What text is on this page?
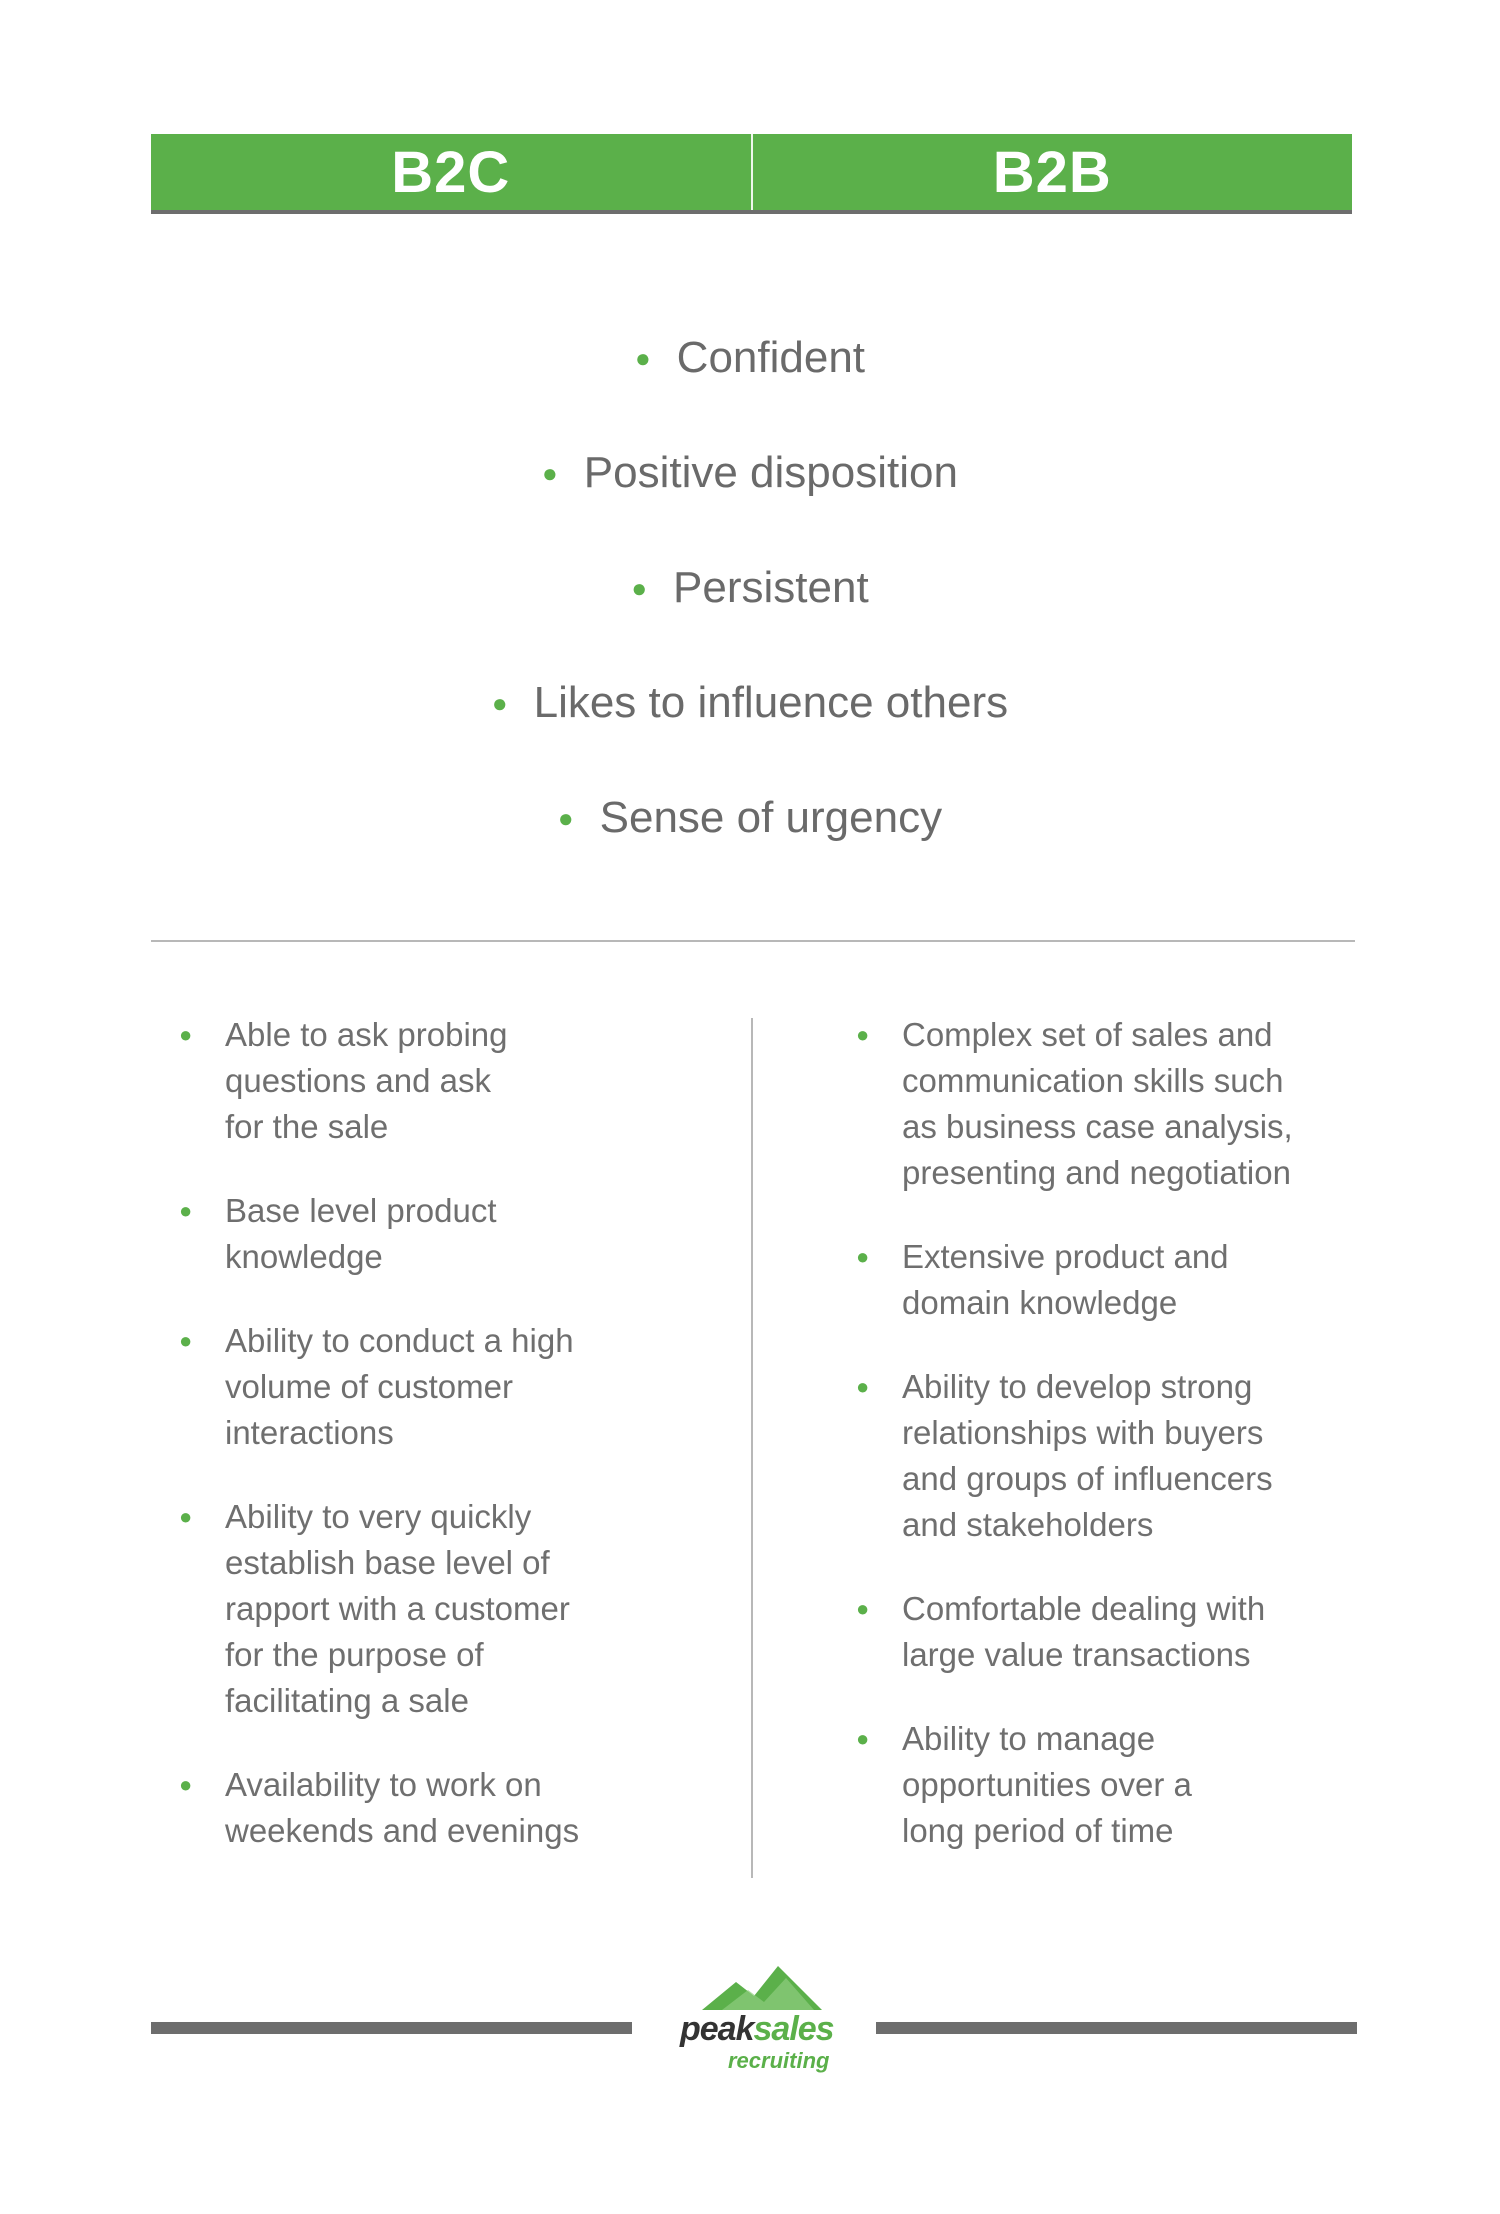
B2C	B2B
● Confident
● Positive disposition
● Persistent
● Likes to influence others
● Sense of urgency
● Able to ask probing
questions and ask
for the sale
● Base level product
knowledge
● Ability to conduct a high
volume of customer
interactions
● Ability to very quickly
establish base level of
rapport with a customer
for the purpose of
facilitating a sale
● Availability to work on
weekends and evenings
● Complex set of sales and
communication skills such
as business case analysis,
presenting and negotiation
● Extensive product and
domain knowledge
● Ability to develop strong
relationships with buyers
and groups of influencers
and stakeholders
● Comfortable dealing with
large value transactions
● Ability to manage
opportunities over a
long period of time
peaksales
recruiting
